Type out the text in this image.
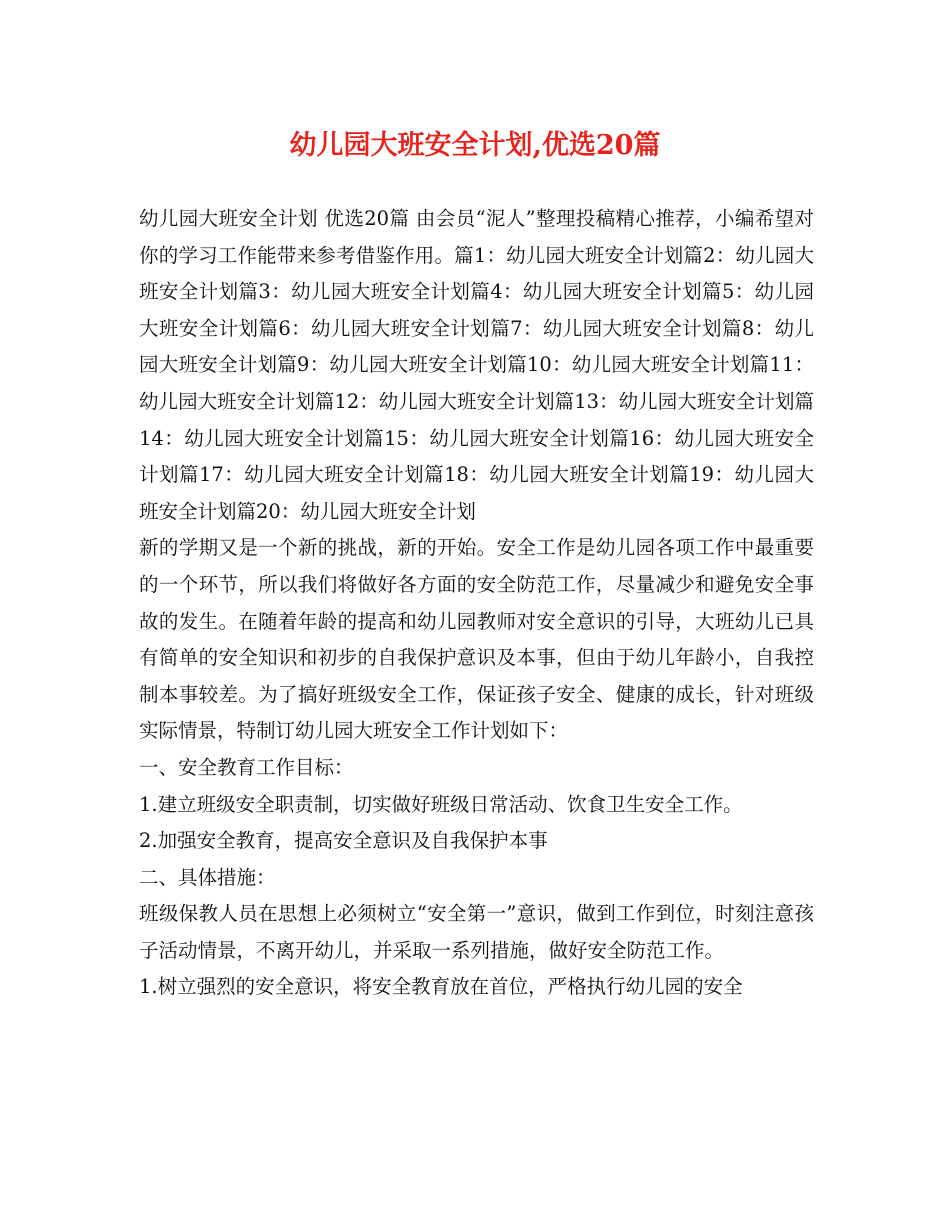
幼儿园大班安全计划,优选20篇

幼儿园大班安全计划 优选20篇 由会员“泥人”整理投稿精心推荐，小编希望对你的学习工作能带来参考借鉴作用。篇1：幼儿园大班安全计划篇2：幼儿园大班安全计划篇3：幼儿园大班安全计划篇4：幼儿园大班安全计划篇5：幼儿园大班安全计划篇6：幼儿园大班安全计划篇7：幼儿园大班安全计划篇8：幼儿园大班安全计划篇9：幼儿园大班安全计划篇10：幼儿园大班安全计划篇11：幼儿园大班安全计划篇12：幼儿园大班安全计划篇13：幼儿园大班安全计划篇14：幼儿园大班安全计划篇15：幼儿园大班安全计划篇16：幼儿园大班安全计划篇17：幼儿园大班安全计划篇18：幼儿园大班安全计划篇19：幼儿园大班安全计划篇20：幼儿园大班安全计划

新的学期又是一个新的挑战，新的开始。安全工作是幼儿园各项工作中最重要的一个环节，所以我们将做好各方面的安全防范工作，尽量减少和避免安全事故的发生。在随着年龄的提高和幼儿园教师对安全意识的引导，大班幼儿已具有简单的安全知识和初步的自我保护意识及本事，但由于幼儿年龄小，自我控制本事较差。为了搞好班级安全工作，保证孩子安全、健康的成长，针对班级实际情景，特制订幼儿园大班安全工作计划如下：

一、安全教育工作目标：

1.建立班级安全职责制，切实做好班级日常活动、饮食卫生安全工作。

2.加强安全教育，提高安全意识及自我保护本事

二、具体措施：

班级保教人员在思想上必须树立“安全第一”意识，做到工作到位，时刻注意孩子活动情景，不离开幼儿，并采取一系列措施，做好安全防范工作。

1.树立强烈的安全意识，将安全教育放在首位，严格执行幼儿园的安全
